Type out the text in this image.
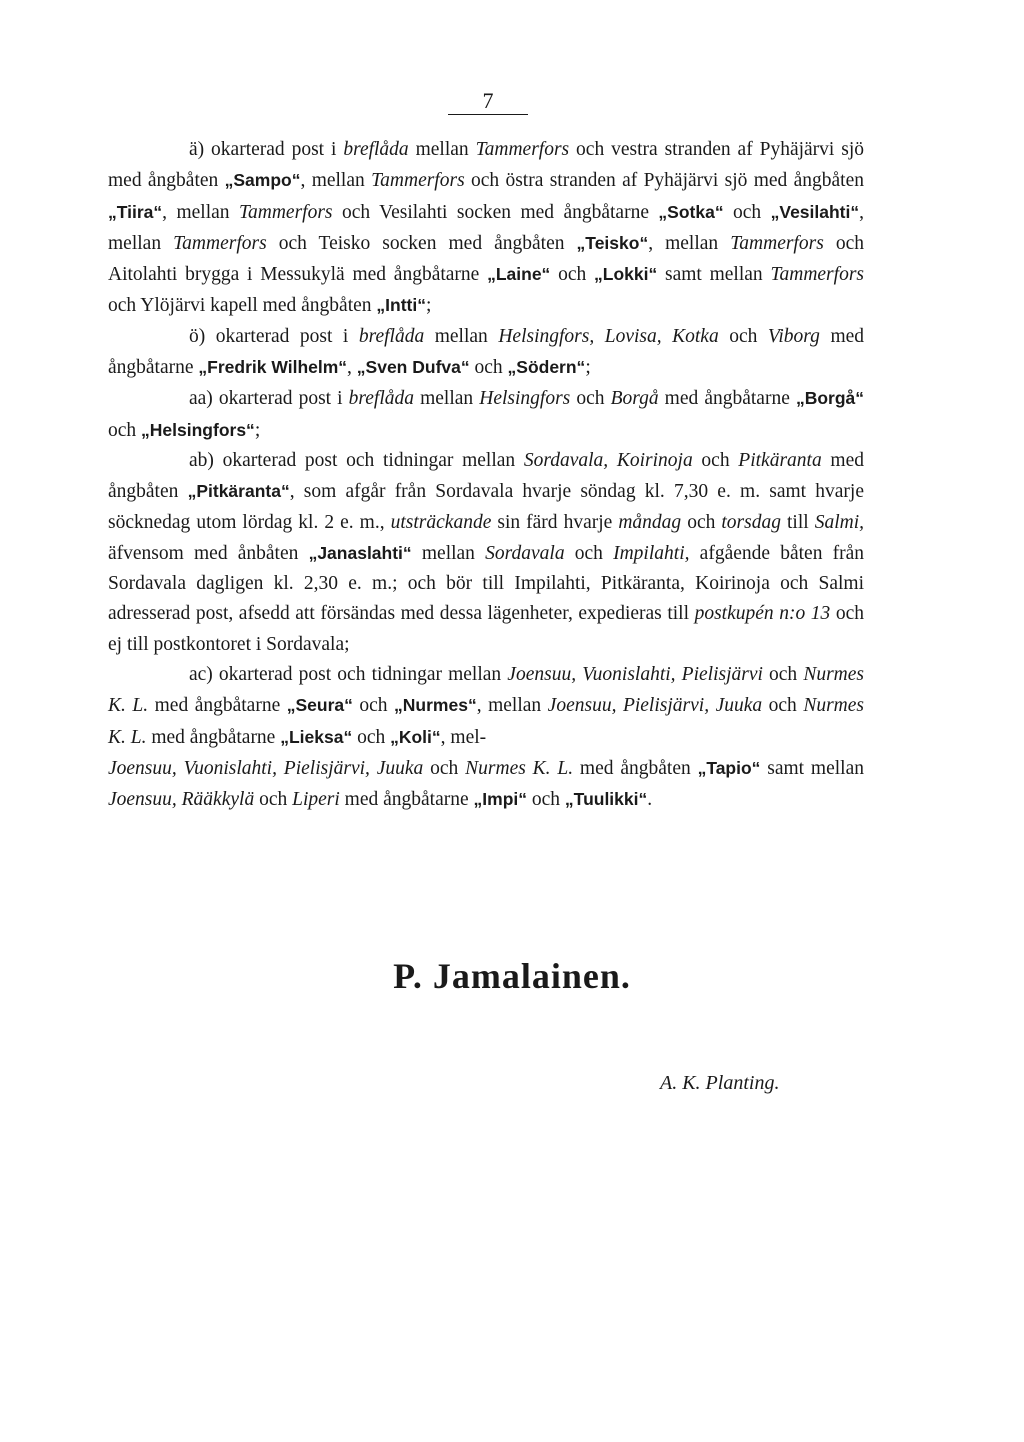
7

ä) okarterad post i breflåda mellan Tammerfors och vestra stranden af Pyhäjärvi sjö med ångbåten „Sampo“, mellan Tammerfors och östra stranden af Pyhäjärvi sjö med ångbåten „Tiira“, mellan Tammerfors och Vesilahti socken med ångbåtarne „Sotka“ och „Vesilahti“, mellan Tammerfors och Teisko socken med ångbåten „Teisko“, mellan Tammerfors och Aitolahti brygga i Messukylä med ångbåtarne „Laine“ och „Lokki“ samt mellan Tammerfors och Ylöjärvi kapell med ångbåten „Intti“;

ö) okarterad post i breflåda mellan Helsingfors, Lovisa, Kotka och Viborg med ångbåtarne „Fredrik Wilhelm“, „Sven Dufva“ och „Södern“;

aa) okarterad post i breflåda mellan Helsingfors och Borgå med ångbåtarne „Borgå“ och „Helsingfors“;

ab) okarterad post och tidningar mellan Sordavala, Koirinoja och Pitkäranta med ångbåten „Pitkäranta“, som afgår från Sordavala hvarje söndag kl. 7,30 e. m. samt hvarje söcknedag utom lördag kl. 2 e. m., utsträckande sin färd hvarje måndag och torsdag till Salmi, äfvensom med ånbåten „Janaslahti“ mellan Sordavala och Impilahti, afgående båten från Sordavala dagligen kl. 2,30 e. m.; och bör till Impilahti, Pitkäranta, Koirinoja och Salmi adresserad post, afsedd att försändas med dessa lägenheter, expedieras till postkupén n:o 13 och ej till postkontoret i Sordavala;

ac) okarterad post och tidningar mellan Joensuu, Vuonislahti, Pielisjärvi och Nurmes K. L. med ångbåtarne „Seura“ och „Nurmes“, mellan Joensuu, Pielisjärvi, Juuka och Nurmes K. L. med ångbåtarne „Lieksa“ och „Koli“, mel-
Joensuu, Vuonislahti, Pielisjärvi, Juuka och Nurmes K. L. med ångbåten „Tapio“ samt mellan Joensuu, Rääkkylä och Liperi med ångbåtarne „Impi“ och „Tuulikki“.

P. Jamalainen.
A. K. Planting.
